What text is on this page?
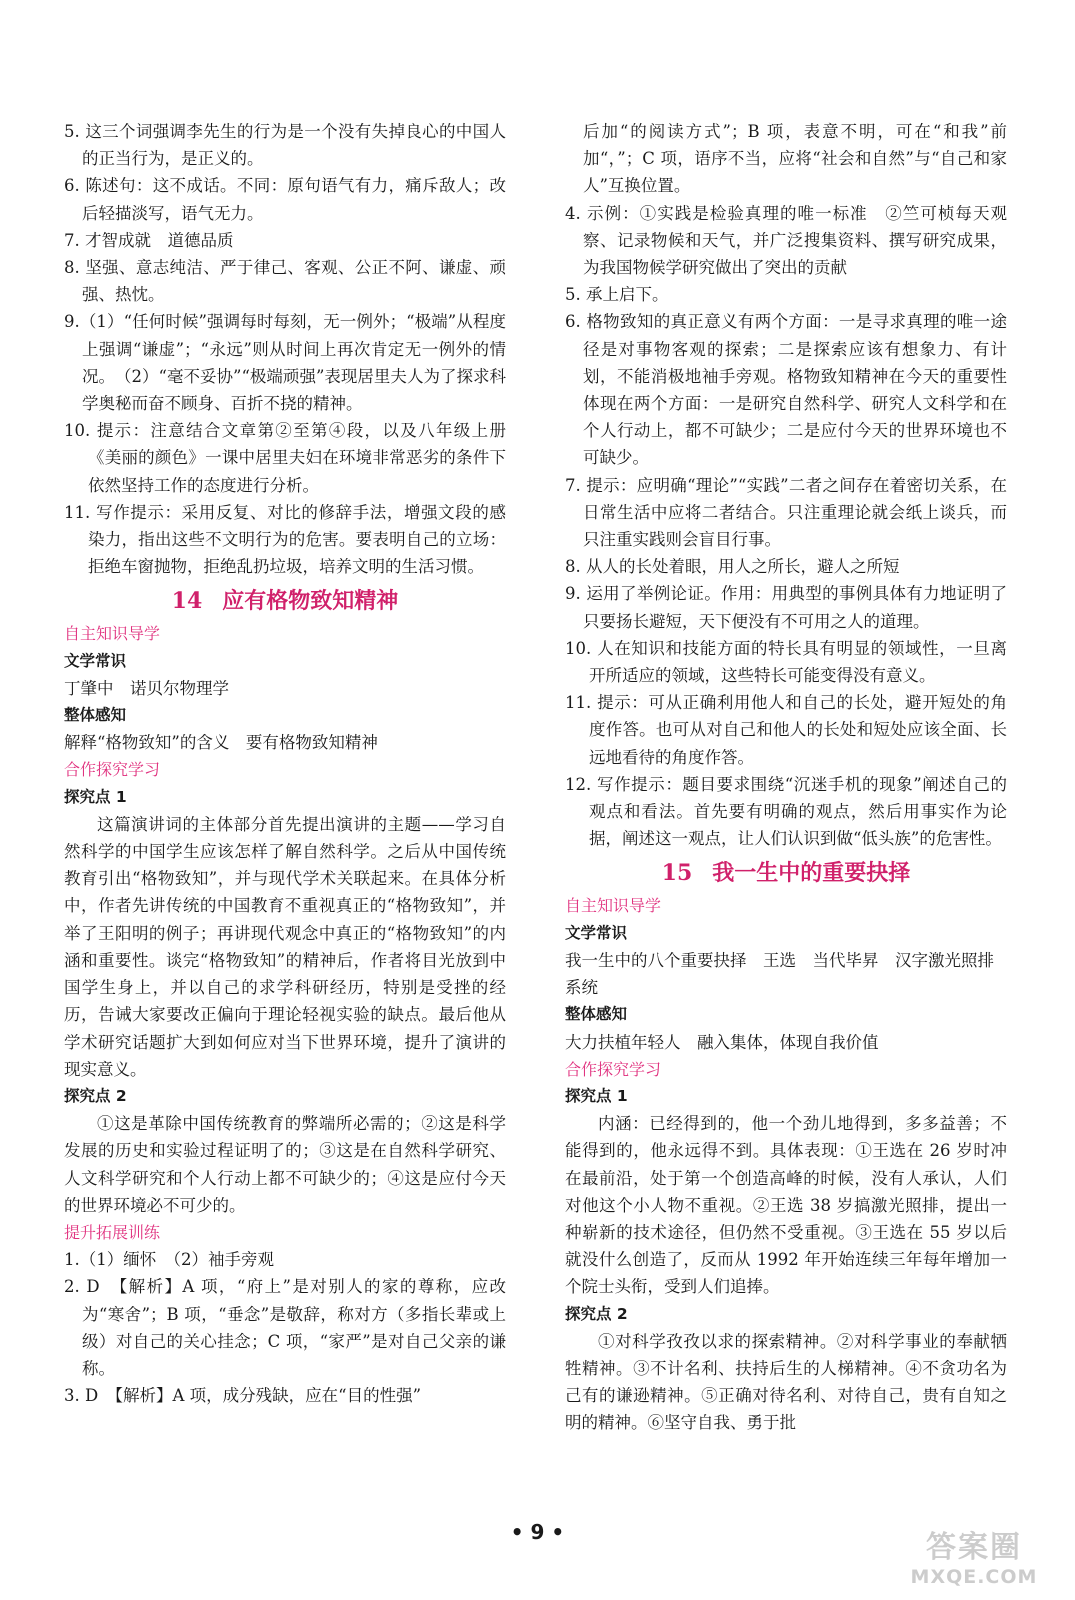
5. 这三个词强调李先生的行为是一个没有失掉良心的中国人的正当行为，是正义的。

6. 陈述句：这不成话。不同：原句语气有力，痛斥敌人；改后轻描淡写，语气无力。

7. 才智成就　道德品质

8. 坚强、意志纯洁、严于律己、客观、公正不阿、谦虚、顽强、热忱。

9.（1）“任何时候”强调每时每刻，无一例外；“极端”从程度上强调“谦虚”；“永远”则从时间上再次肯定无一例外的情况。　（2）“毫不妥协”“极端顽强”表现居里夫人为了探求科学奥秘而奋不顾身、百折不挠的精神。

10. 提示：注意结合文章第②至第④段，以及八年级上册《美丽的颜色》一课中居里夫妇在环境非常恶劣的条件下依然坚持工作的态度进行分析。

11. 写作提示：采用反复、对比的修辞手法，增强文段的感染力，指出这些不文明行为的危害。要表明自己的立场：拒绝车窗抛物，拒绝乱扔垃圾，培养文明的生活习惯。

14 应有格物致知精神

自主知识导学

文学常识

丁肇中　诺贝尔物理学

整体感知

解释“格物致知”的含义　要有格物致知精神

合作探究学习

探究点 1

这篇演讲词的主体部分首先提出演讲的主题——学习自然科学的中国学生应该怎样了解自然科学。之后从中国传统教育引出“格物致知”，并与现代学术关联起来。在具体分析中，作者先讲传统的中国教育不重视真正的“格物致知”，并举了王阳明的例子；再讲现代观念中真正的“格物致知”的内涵和重要性。谈完“格物致知”的精神后，作者将目光放到中国学生身上，并以自己的求学科研经历，特别是受挫的经历，告诫大家要改正偏向于理论轻视实验的缺点。最后他从学术研究话题扩大到如何应对当下世界环境，提升了演讲的现实意义。

探究点 2

①这是革除中国传统教育的弊端所必需的；②这是科学发展的历史和实验过程证明了的；③这是在自然科学研究、人文科学研究和个人行动上都不可缺少的；④这是应付今天的世界环境必不可少的。

提升拓展训练

1.（1）缅怀　（2）袖手旁观

2. D　【解析】A 项，“府上”是对别人的家的尊称，应改为“寒舍”；B 项，“垂念”是敬辞，称对方（多指长辈或上级）对自己的关心挂念；C 项，“家严”是对自己父亲的谦称。

3. D　【解析】A 项，成分残缺，应在“目的性强”

后加“的阅读方式”；B 项，表意不明，可在“和我”前加“，”；C 项，语序不当，应将“社会和自然”与“自己和家人”互换位置。

4. 示例：①实践是检验真理的唯一标准　②竺可桢每天观察、记录物候和天气，并广泛搜集资料、撰写研究成果，为我国物候学研究做出了突出的贡献

5. 承上启下。

6. 格物致知的真正意义有两个方面：一是寻求真理的唯一途径是对事物客观的探索；二是探索应该有想象力、有计划，不能消极地袖手旁观。格物致知精神在今天的重要性体现在两个方面：一是研究自然科学、研究人文科学和在个人行动上，都不可缺少；二是应付今天的世界环境也不可缺少。

7. 提示：应明确“理论”“实践”二者之间存在着密切关系，在日常生活中应将二者结合。只注重理论就会纸上谈兵，而只注重实践则会盲目行事。

8. 从人的长处着眼，用人之所长，避人之所短

9. 运用了举例论证。作用：用典型的事例具体有力地证明了只要扬长避短，天下便没有不可用之人的道理。

10. 人在知识和技能方面的特长具有明显的领域性，一旦离开所适应的领域，这些特长可能变得没有意义。

11. 提示：可从正确利用他人和自己的长处，避开短处的角度作答。也可从对自己和他人的长处和短处应该全面、长远地看待的角度作答。

12. 写作提示：题目要求围绕“沉迷手机的现象”阐述自己的观点和看法。首先要有明确的观点，然后用事实作为论据，阐述这一观点，让人们认识到做“低头族”的危害性。

15 我一生中的重要抉择

自主知识导学

文学常识

我一生中的八个重要抉择　王选　当代毕昇　汉字激光照排系统

整体感知

大力扶植年轻人　融入集体，体现自我价值

合作探究学习

探究点 1

内涵：已经得到的，他一个劲儿地得到，多多益善；不能得到的，他永远得不到。具体表现：①王选在 26 岁时冲在最前沿，处于第一个创造高峰的时候，没有人承认，人们对他这个小人物不重视。②王选 38 岁搞激光照排，提出一种崭新的技术途径，但仍然不受重视。③王选在 55 岁以后就没什么创造了，反而从 1992 年开始连续三年每年增加一个院士头衔，受到人们追捧。

探究点 2

①对科学孜孜以求的探索精神。②对科学事业的奉献牺牲精神。③不计名利、扶持后生的人梯精神。④不贪功名为己有的谦逊精神。⑤正确对待名利、对待自己，贵有自知之明的精神。⑥坚守自我、勇于批

• 9 •	答案圈
MXQE.COM
